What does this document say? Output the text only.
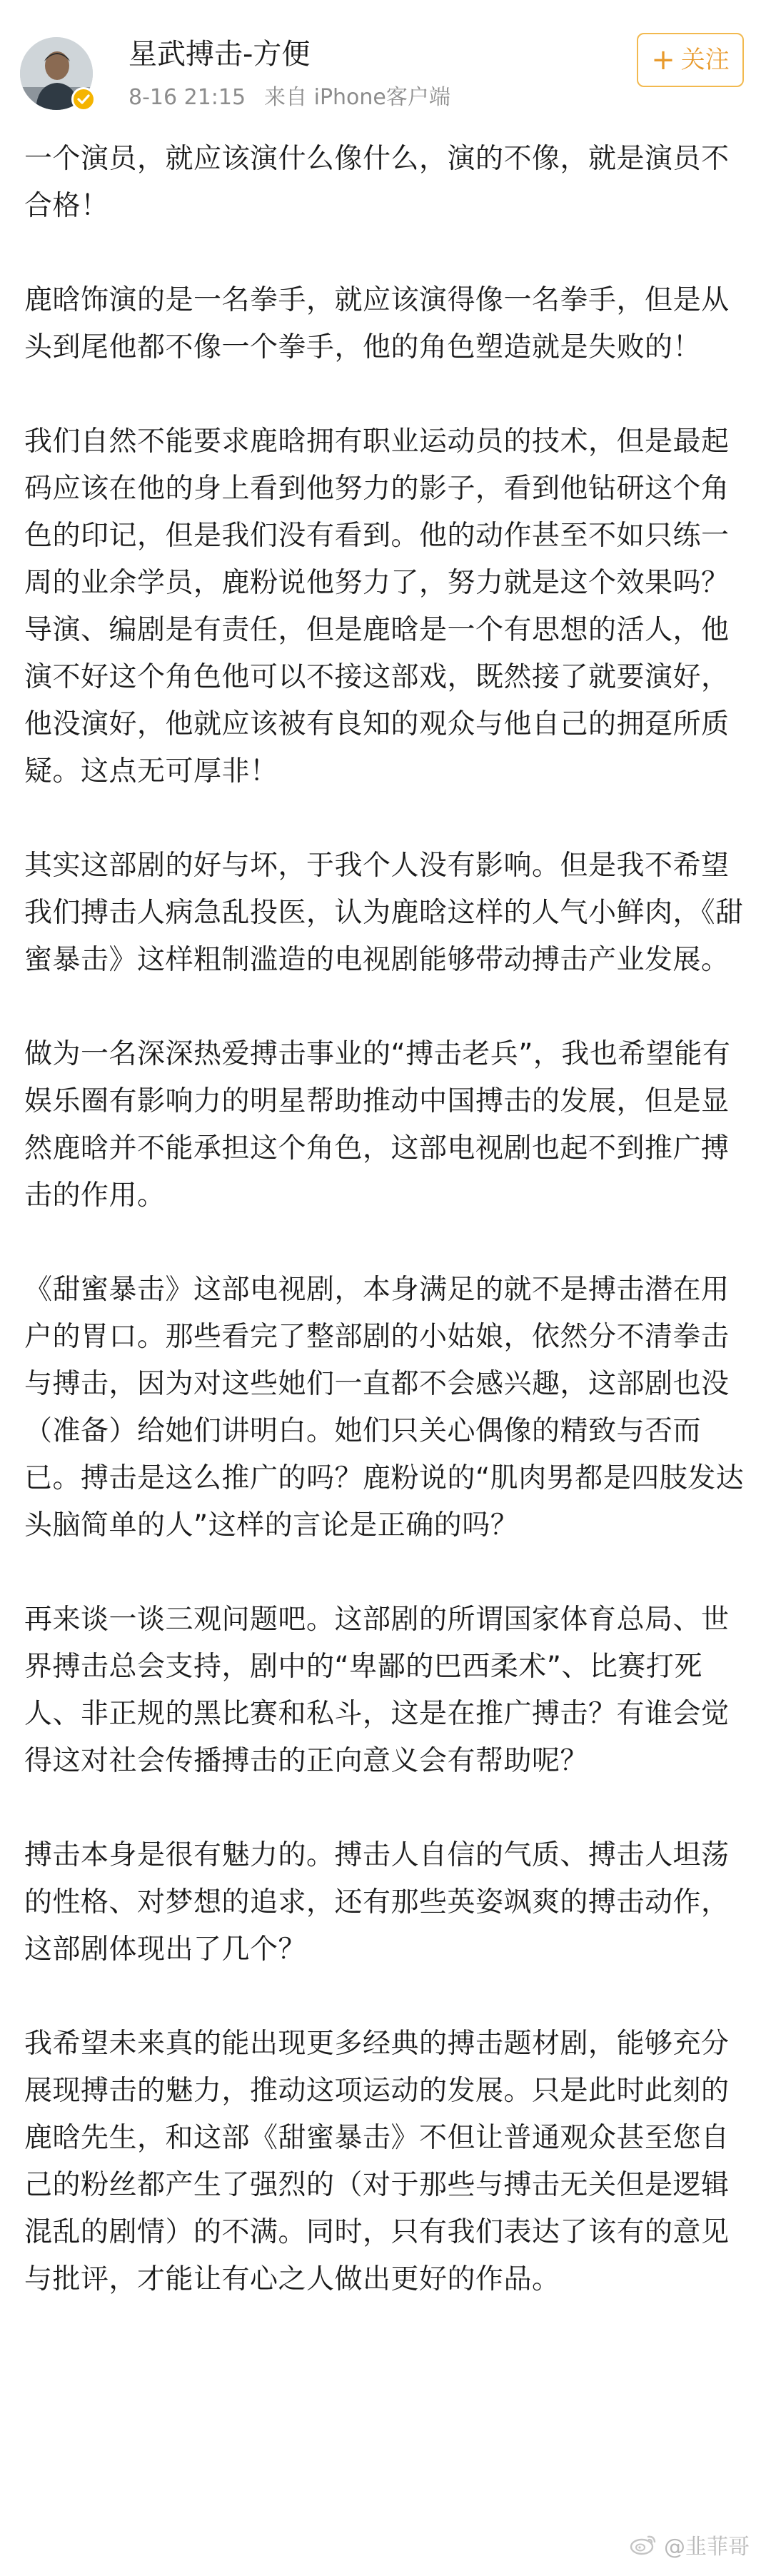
星武搏击-方便
8-16 21:15 来自 iPhone客户端
+ 关注

一个演员，就应该演什么像什么，演的不像，就是演员不合格！

鹿晗饰演的是一名拳手，就应该演得像一名拳手，但是从头到尾他都不像一个拳手，他的角色塑造就是失败的！

我们自然不能要求鹿晗拥有职业运动员的技术，但是最起码应该在他的身上看到他努力的影子，看到他钻研这个角色的印记，但是我们没有看到。他的动作甚至不如只练一周的业余学员，鹿粉说他努力了，努力就是这个效果吗？

导演、编剧是有责任，但是鹿晗是一个有思想的活人，他演不好这个角色他可以不接这部戏，既然接了就要演好，他没演好，他就应该被有良知的观众与他自己的拥趸所质疑。这点无可厚非！

其实这部剧的好与坏，于我个人没有影响。但是我不希望我们搏击人病急乱投医，认为鹿晗这样的人气小鲜肉，《甜蜜暴击》这样粗制滥造的电视剧能够带动搏击产业发展。

做为一名深深热爱搏击事业的“搏击老兵”，我也希望能有娱乐圈有影响力的明星帮助推动中国搏击的发展，但是显然鹿晗并不能承担这个角色，这部电视剧也起不到推广搏击的作用。

《甜蜜暴击》这部电视剧，本身满足的就不是搏击潜在用户的胃口。那些看完了整部剧的小姑娘，依然分不清拳击与搏击，因为对这些她们一直都不会感兴趣，这部剧也没（准备）给她们讲明白。她们只关心偶像的精致与否而已。搏击是这么推广的吗？鹿粉说的“肌肉男都是四肢发达头脑简单的人”这样的言论是正确的吗？

再来谈一谈三观问题吧。这部剧的所谓国家体育总局、世界搏击总会支持，剧中的“卑鄙的巴西柔术”、比赛打死人、非正规的黑比赛和私斗，这是在推广搏击？有谁会觉得这对社会传播搏击的正向意义会有帮助呢？

搏击本身是很有魅力的。搏击人自信的气质、搏击人坦荡的性格、对梦想的追求，还有那些英姿飒爽的搏击动作，这部剧体现出了几个？

我希望未来真的能出现更多经典的搏击题材剧，能够充分展现搏击的魅力，推动这项运动的发展。只是此时此刻的鹿晗先生，和这部《甜蜜暴击》不但让普通观众甚至您自己的粉丝都产生了强烈的（对于那些与搏击无关但是逻辑混乱的剧情）的不满。同时，只有我们表达了该有的意见与批评，才能让有心之人做出更好的作品。

@韭菲哥
